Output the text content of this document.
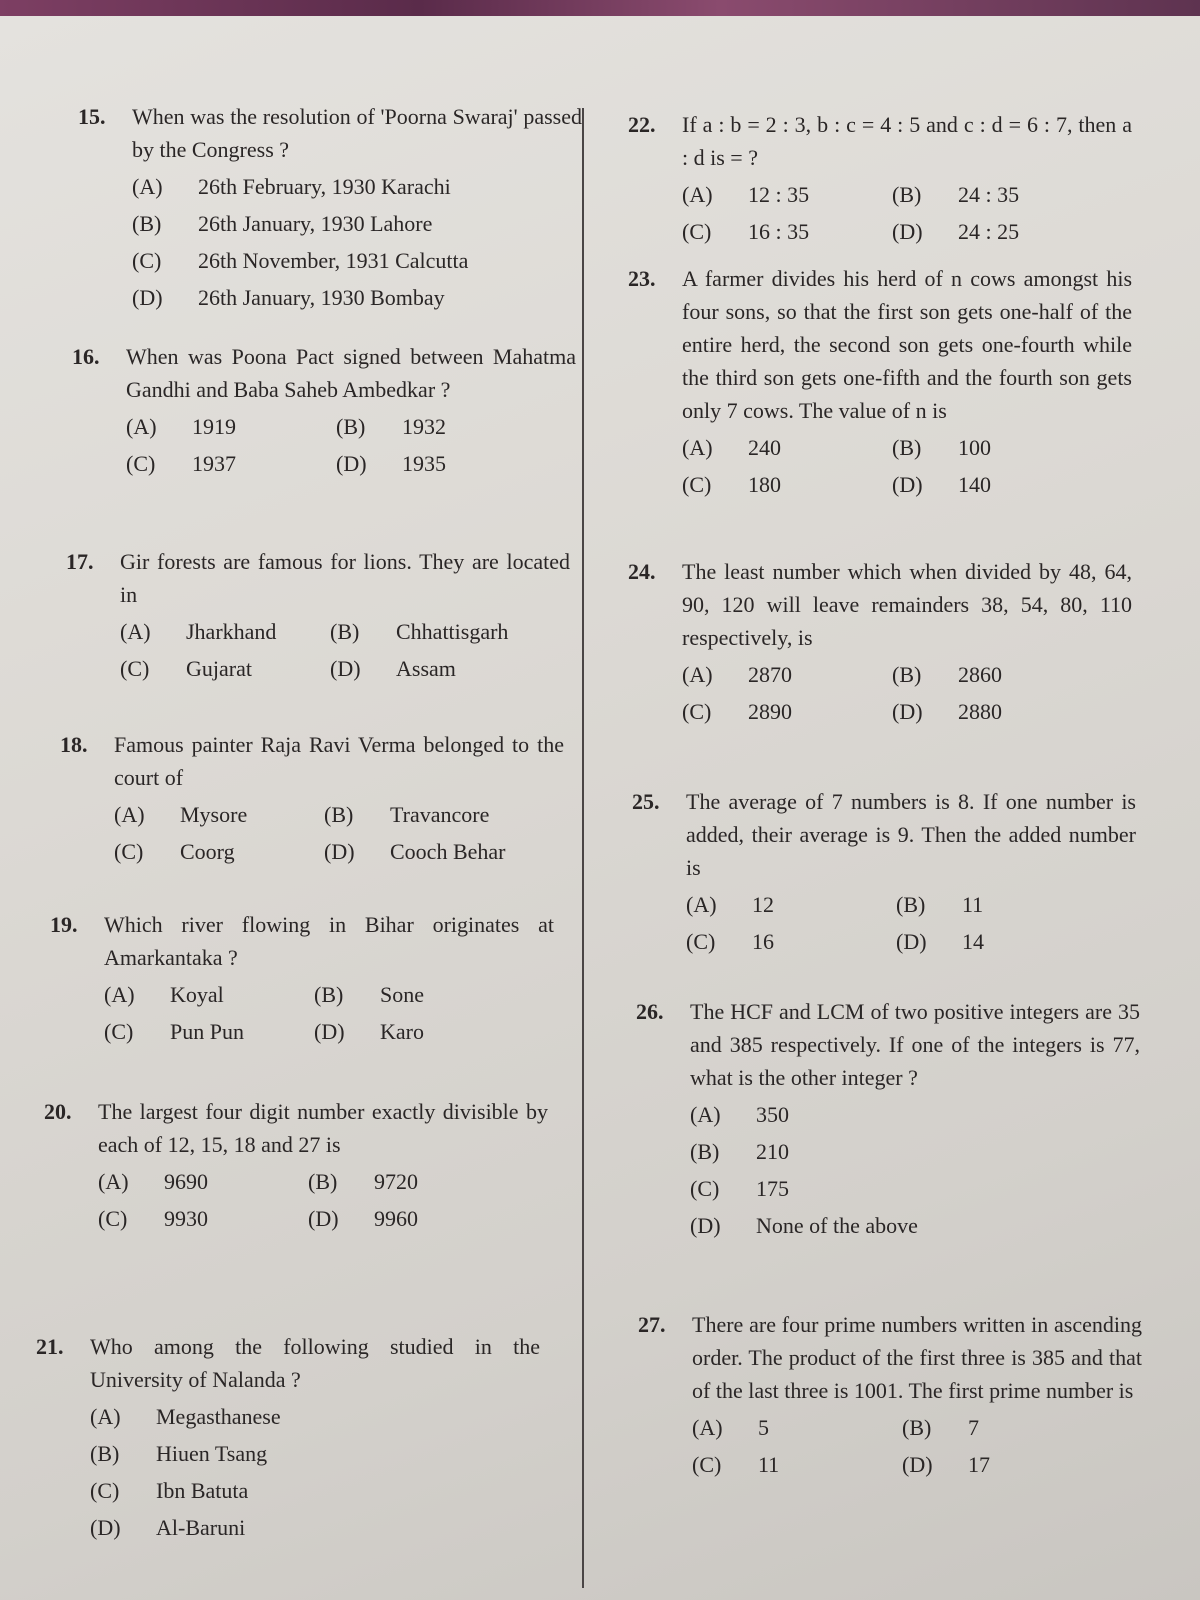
15. When was the resolution of 'Poorna Swaraj' passed by the Congress ?
(A)	26th February, 1930 Karachi
(B)	26th January, 1930 Lahore
(C)	26th November, 1931 Calcutta
(D)	26th January, 1930 Bombay
16. When was Poona Pact signed between Mahatma Gandhi and Baba Saheb Ambedkar ?
(A)	1919	(B)	1932
(C)	1937	(D)	1935
17. Gir forests are famous for lions. They are located in
(A)	Jharkhand (B)	Chhattisgarh
(C)	Gujarat	(D)	Assam
18. Famous painter Raja Ravi Verma belonged to the court of
(A)	Mysore	(B)	Travancore
(C)	Coorg	(D)	Cooch Behar
19. Which river flowing in Bihar originates at Amarkantaka ?
(A)	Koyal	(B)	Sone
(C)	Pun Pun	(D)	Karo
20. The largest four digit number exactly divisible by each of 12, 15, 18 and 27 is
(A)	9690	(B)	9720
(C)	9930	(D)	9960
21. Who among the following studied in the University of Nalanda ?
(A)	Megasthanese
(B)	Hiuen Tsang
(C)	Ibn Batuta
(D)	Al-Baruni
22. If a : b = 2 : 3, b : c = 4 : 5 and c : d = 6 : 7, then a : d is = ?
(A)	12 : 35	(B)	24 : 35
(C)	16 : 35	(D)	24 : 25
23. A farmer divides his herd of n cows amongst his four sons, so that the first son gets one-half of the entire herd, the second son gets one-fourth while the third son gets one-fifth and the fourth son gets only 7 cows. The value of n is
(A)	240	(B)	100
(C)	180	(D)	140
24. The least number which when divided by 48, 64, 90, 120 will leave remainders 38, 54, 80, 110 respectively, is
(A)	2870	(B)	2860
(C)	2890	(D)	2880
25. The average of 7 numbers is 8. If one number is added, their average is 9. Then the added number is
(A)	12	(B)	11
(C)	16	(D)	14
26. The HCF and LCM of two positive integers are 35 and 385 respectively. If one of the integers is 77, what is the other integer ?
(A)	350
(B)	210
(C)	175
(D)	None of the above
27. There are four prime numbers written in ascending order. The product of the first three is 385 and that of the last three is 1001. The first prime number is
(A)	5	(B)	7
(C)	11	(D)	17
